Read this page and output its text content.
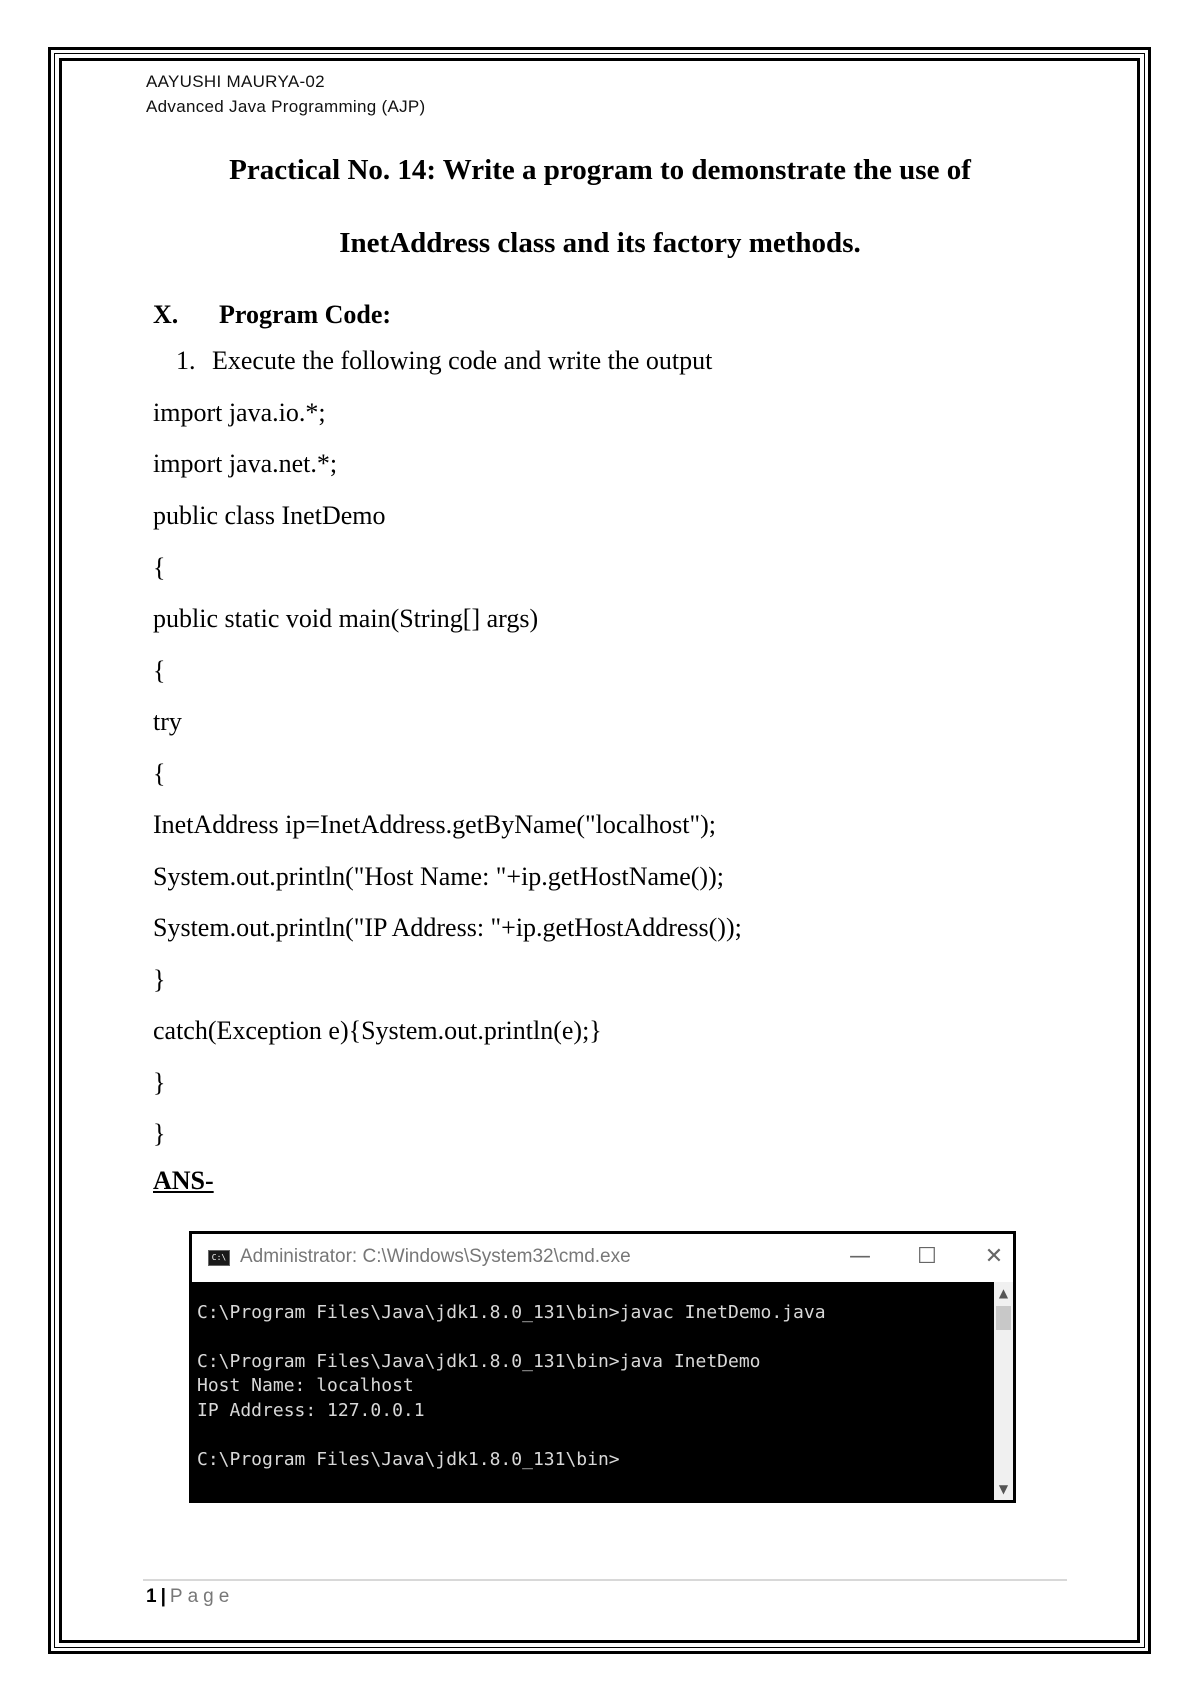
AAYUSHI MAURYA-02
Advanced Java Programming (AJP)
Practical No. 14: Write a program to demonstrate the use of
InetAddress class and its factory methods.
X. Program Code:
1. Execute the following code and write the output
import java.io.*;
import java.net.*;
public class InetDemo
{
public static void main(String[] args)
{
try
{
InetAddress ip=InetAddress.getByName("localhost");
System.out.println("Host Name: "+ip.getHostName());
System.out.println("IP Address: "+ip.getHostAddress());
}
catch(Exception e){System.out.println(e);}
}
}
ANS-
C:\ Administrator: C:\Windows\System32\cmd.exe	—	☐	✕
C:\Program Files\Java\jdk1.8.0_131\bin>javac InetDemo.java
C:\Program Files\Java\jdk1.8.0_131\bin>java InetDemo
Host Name: localhost
IP Address: 127.0.0.1
C:\Program Files\Java\jdk1.8.0_131\bin>
▲
▼
1 | Page
